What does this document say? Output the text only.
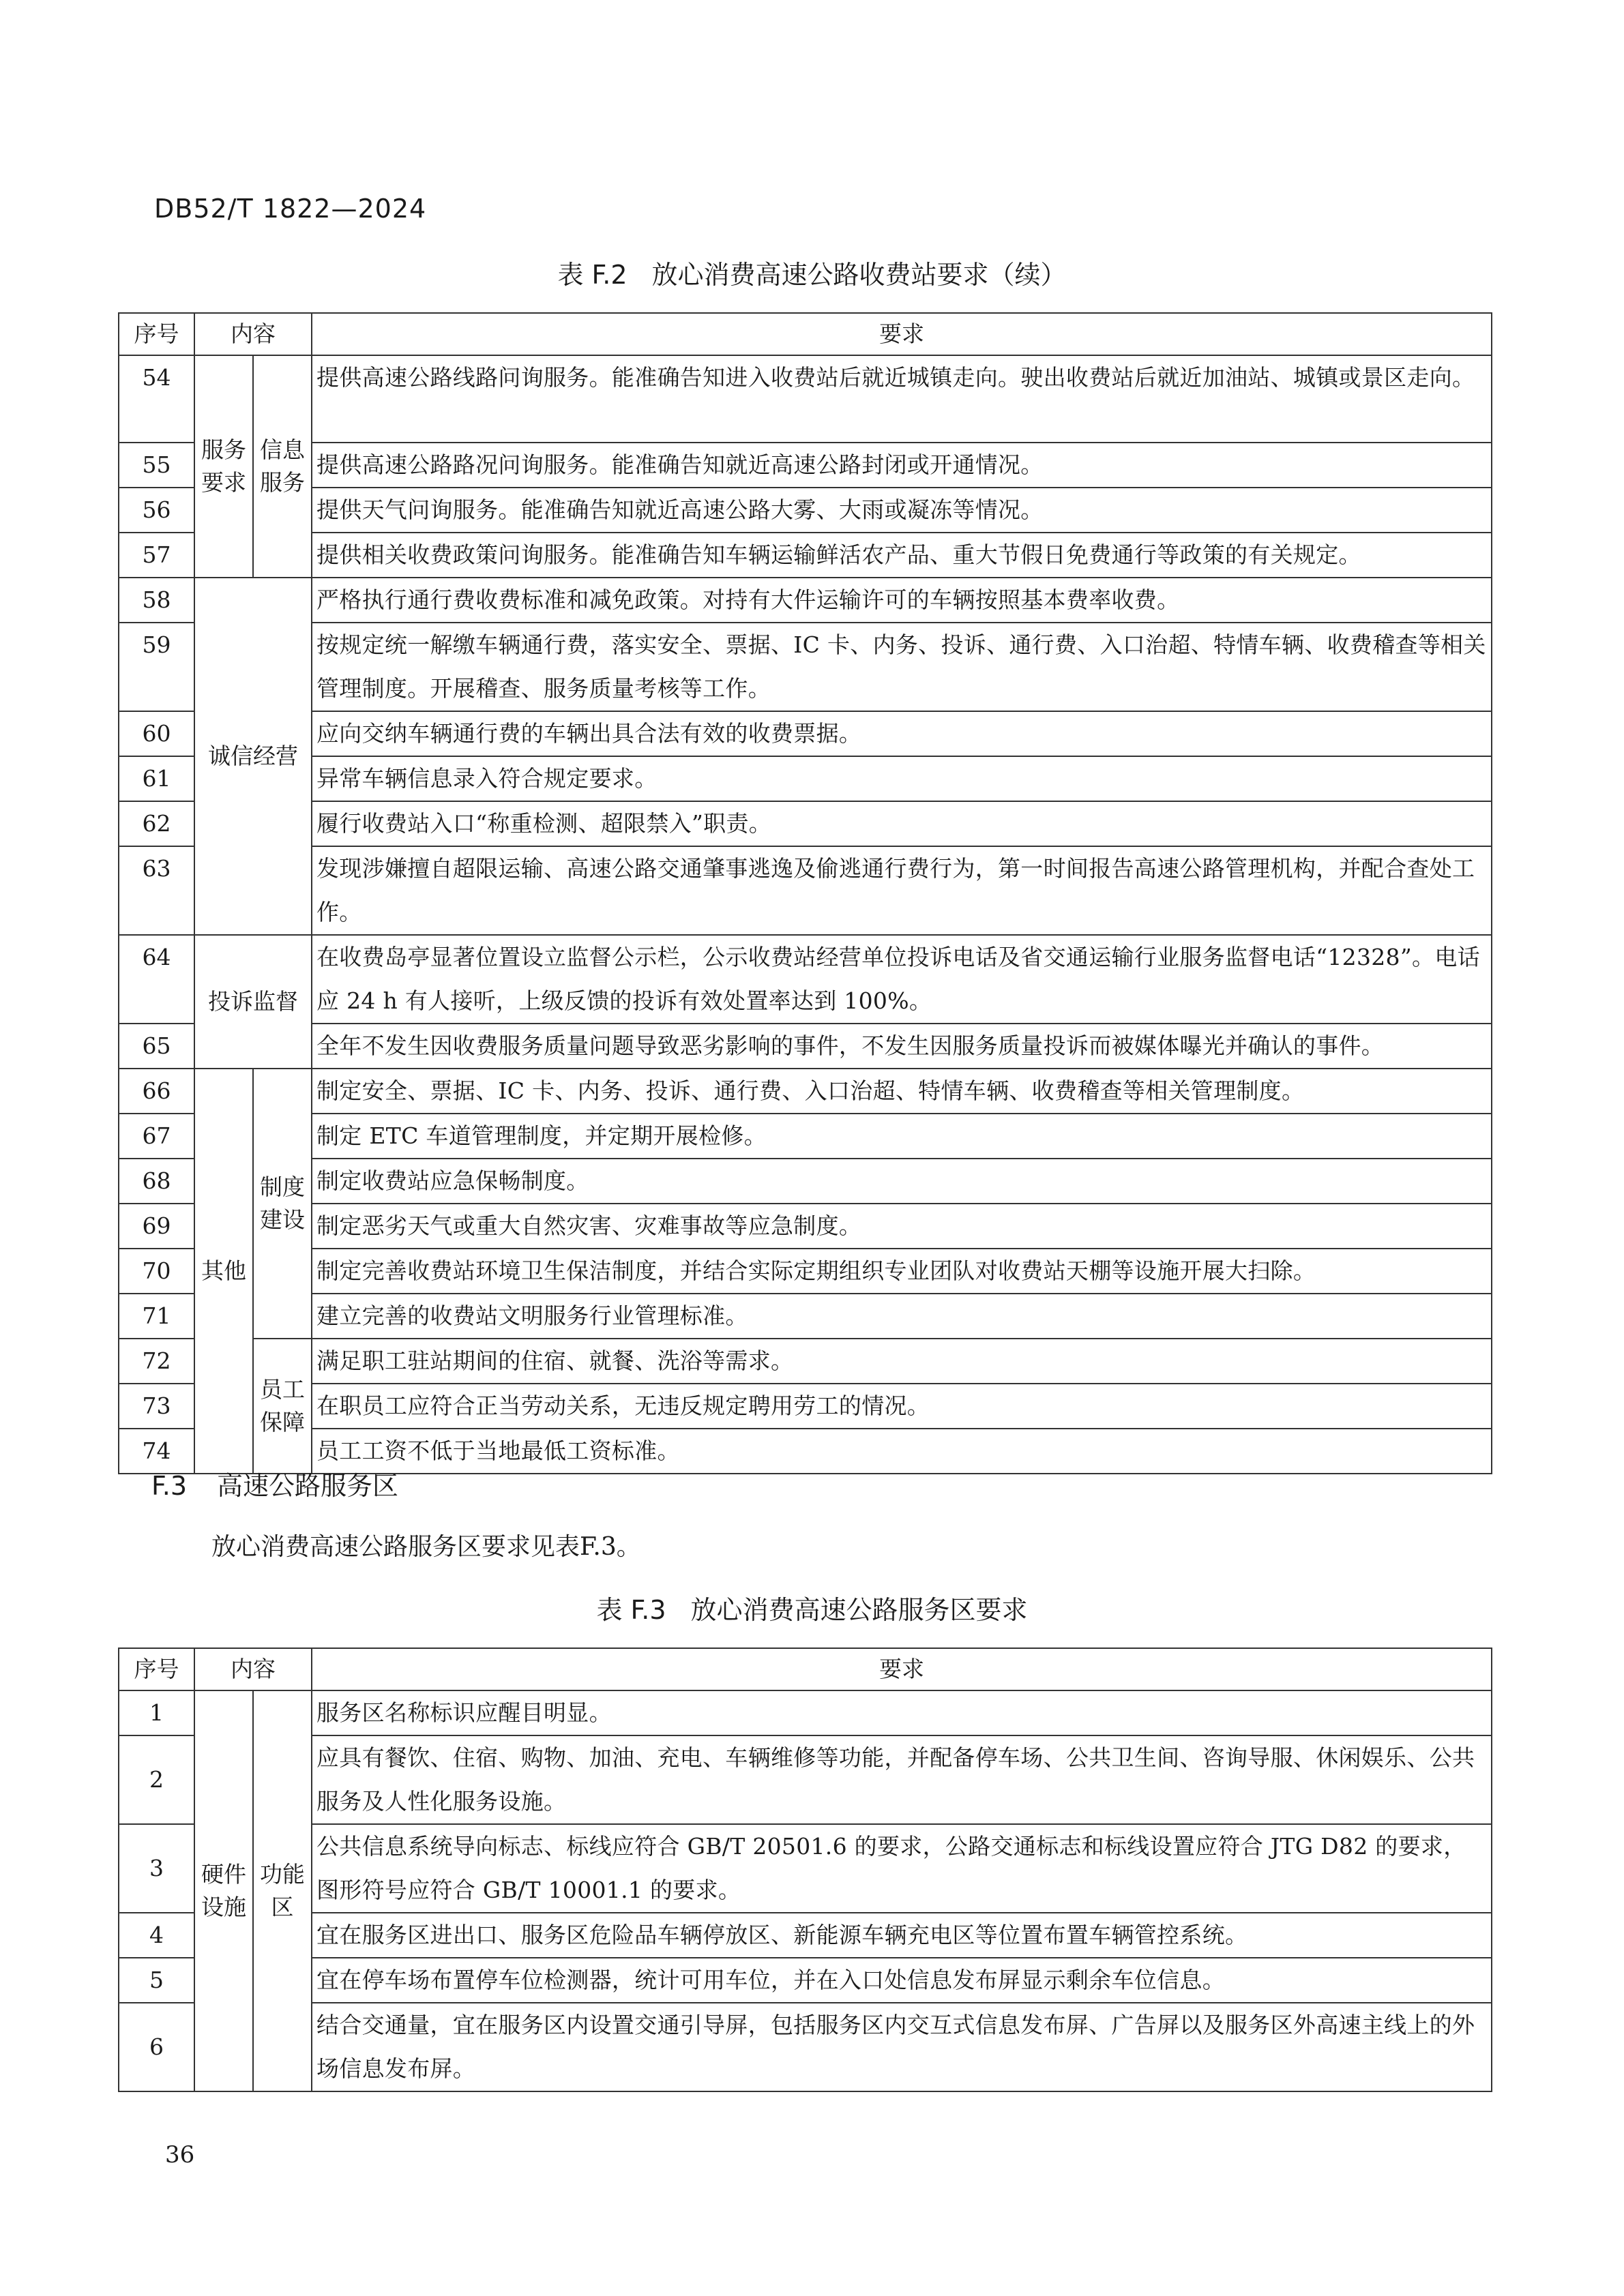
DB52/T 1822—2024
表 F.2 放心消费高速公路收费站要求（续）
序号	内容		要求
54	服务要求	信息服务	提供高速公路线路问询服务。能准确告知进入收费站后就近城镇走向。驶出收费站后就近加油站、城镇或景区走向。
55			提供高速公路路况问询服务。能准确告知就近高速公路封闭或开通情况。
56			提供天气问询服务。能准确告知就近高速公路大雾、大雨或凝冻等情况。
57			提供相关收费政策问询服务。能准确告知车辆运输鲜活农产品、重大节假日免费通行等政策的有关规定。
58	诚信经营		严格执行通行费收费标准和减免政策。对持有大件运输许可的车辆按照基本费率收费。
59			按规定统一解缴车辆通行费，落实安全、票据、IC 卡、内务、投诉、通行费、入口治超、特情车辆、收费稽查等相关管理制度。开展稽查、服务质量考核等工作。
60			应向交纳车辆通行费的车辆出具合法有效的收费票据。
61			异常车辆信息录入符合规定要求。
62			履行收费站入口“称重检测、超限禁入”职责。
63			发现涉嫌擅自超限运输、高速公路交通肇事逃逸及偷逃通行费行为，第一时间报告高速公路管理机构，并配合查处工作。
64	投诉监督		在收费岛亭显著位置设立监督公示栏，公示收费站经营单位投诉电话及省交通运输行业服务监督电话“12328”。电话应 24 h 有人接听，上级反馈的投诉有效处置率达到 100%。
65			全年不发生因收费服务质量问题导致恶劣影响的事件，不发生因服务质量投诉而被媒体曝光并确认的事件。
66	其他	制度建设	制定安全、票据、IC 卡、内务、投诉、通行费、入口治超、特情车辆、收费稽查等相关管理制度。
67			制定 ETC 车道管理制度，并定期开展检修。
68			制定收费站应急保畅制度。
69			制定恶劣天气或重大自然灾害、灾难事故等应急制度。
70			制定完善收费站环境卫生保洁制度，并结合实际定期组织专业团队对收费站天棚等设施开展大扫除。
71			建立完善的收费站文明服务行业管理标准。
72		员工保障	满足职工驻站期间的住宿、就餐、洗浴等需求。
73			在职员工应符合正当劳动关系，无违反规定聘用劳工的情况。
74			员工工资不低于当地最低工资标准。
F.3 高速公路服务区
放心消费高速公路服务区要求见表F.3。
表 F.3 放心消费高速公路服务区要求
序号	内容		要求
1	硬件设施	功能区	服务区名称标识应醒目明显。
2			应具有餐饮、住宿、购物、加油、充电、车辆维修等功能，并配备停车场、公共卫生间、咨询导服、休闲娱乐、公共服务及人性化服务设施。
3			公共信息系统导向标志、标线应符合 GB/T 20501.6 的要求，公路交通标志和标线设置应符合 JTG D82 的要求，图形符号应符合 GB/T 10001.1 的要求。
4			宜在服务区进出口、服务区危险品车辆停放区、新能源车辆充电区等位置布置车辆管控系统。
5			宜在停车场布置停车位检测器，统计可用车位，并在入口处信息发布屏显示剩余车位信息。
6			结合交通量，宜在服务区内设置交通引导屏，包括服务区内交互式信息发布屏、广告屏以及服务区外高速主线上的外场信息发布屏。
36
